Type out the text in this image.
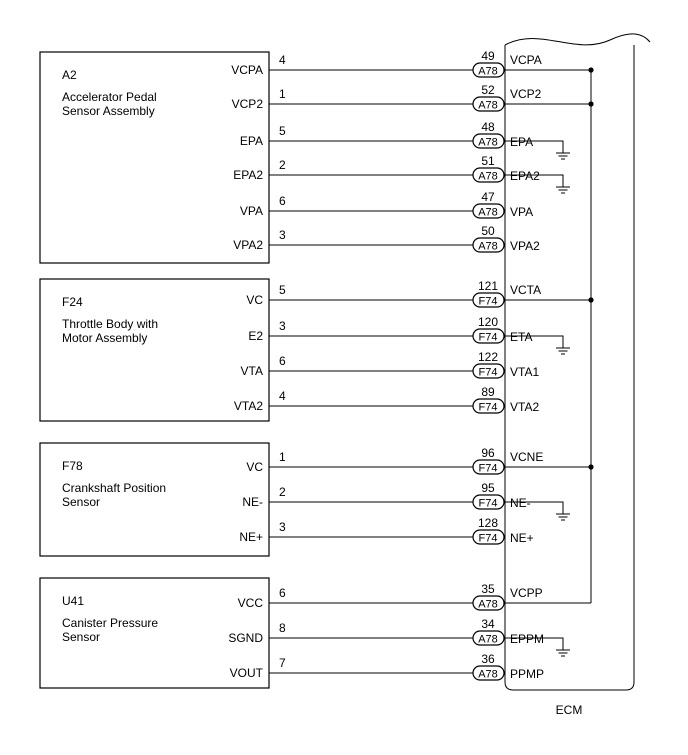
ECM
A2
Accelerator Pedal
Sensor Assembly
VCPA
4	49
A78
VCPA
VCP2
1	52
A78
VCP2
EPA
5	48
A78 EPA
EPA2
2	51
A78 EPA2
VPA
6	47
A78 VPA
VPA2
3	50
A78 VPA2
F24
Throttle Body with
Motor Assembly
VC
5	121
F74
VCTA
E2
3	120
F74 ETA
VTA
6	122
F74 VTA1
VTA2
4	89
F74 VTA2
F78
Crankshaft Position
Sensor
VC
1	96
F74
VCNE
NE-
2	95
F74 NE-
NE+
3	128
F74 NE+
U41
Canister Pressure
Sensor
VCC
6	35
A78
VCPP
SGND
8	34
A78 EPPM
VOUT
7	36
A78 PPMP
